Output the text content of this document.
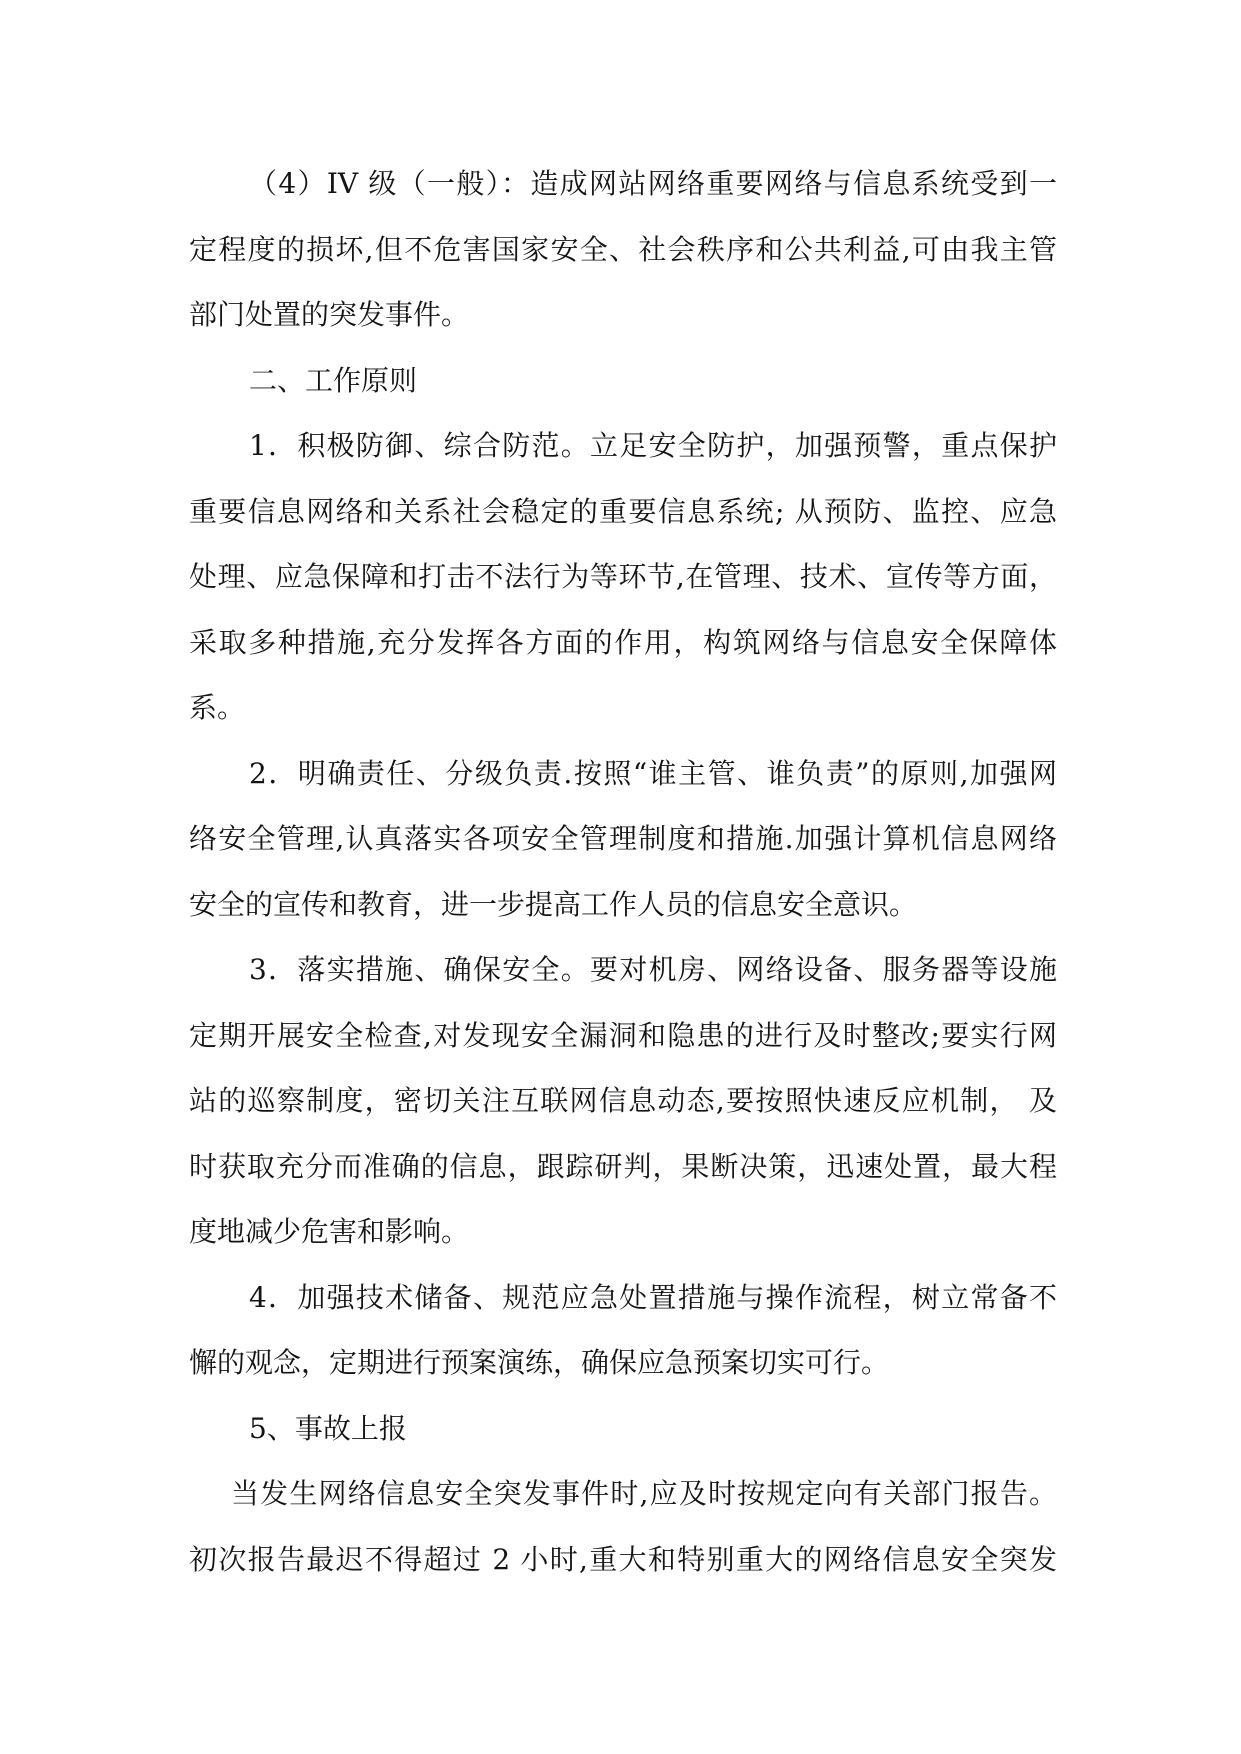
（4）IV 级（一般）：造成网站网络重要网络与信息系统受到一
定程度的损坏,但不危害国家安全、社会秩序和公共利益,可由我主管
部门处置的突发事件。
二、工作原则
1．积极防御、综合防范。立足安全防护，加强预警，重点保护
重要信息网络和关系社会稳定的重要信息系统; 从预防、监控、应急
处理、应急保障和打击不法行为等环节,在管理、技术、宣传等方面，
采取多种措施,充分发挥各方面的作用，构筑网络与信息安全保障体
系。
2．明确责任、分级负责.按照“谁主管、谁负责”的原则,加强网
络安全管理,认真落实各项安全管理制度和措施.加强计算机信息网络
安全的宣传和教育，进一步提高工作人员的信息安全意识。
3．落实措施、确保安全。要对机房、网络设备、服务器等设施
定期开展安全检查,对发现安全漏洞和隐患的进行及时整改;要实行网
站的巡察制度，密切关注互联网信息动态,要按照快速反应机制， 及
时获取充分而准确的信息，跟踪研判，果断决策，迅速处置，最大程
度地减少危害和影响。
4．加强技术储备、规范应急处置措施与操作流程，树立常备不
懈的观念，定期进行预案演练，确保应急预案切实可行。
5、事故上报
当发生网络信息安全突发事件时,应及时按规定向有关部门报告。
初次报告最迟不得超过 2 小时,重大和特别重大的网络信息安全突发
